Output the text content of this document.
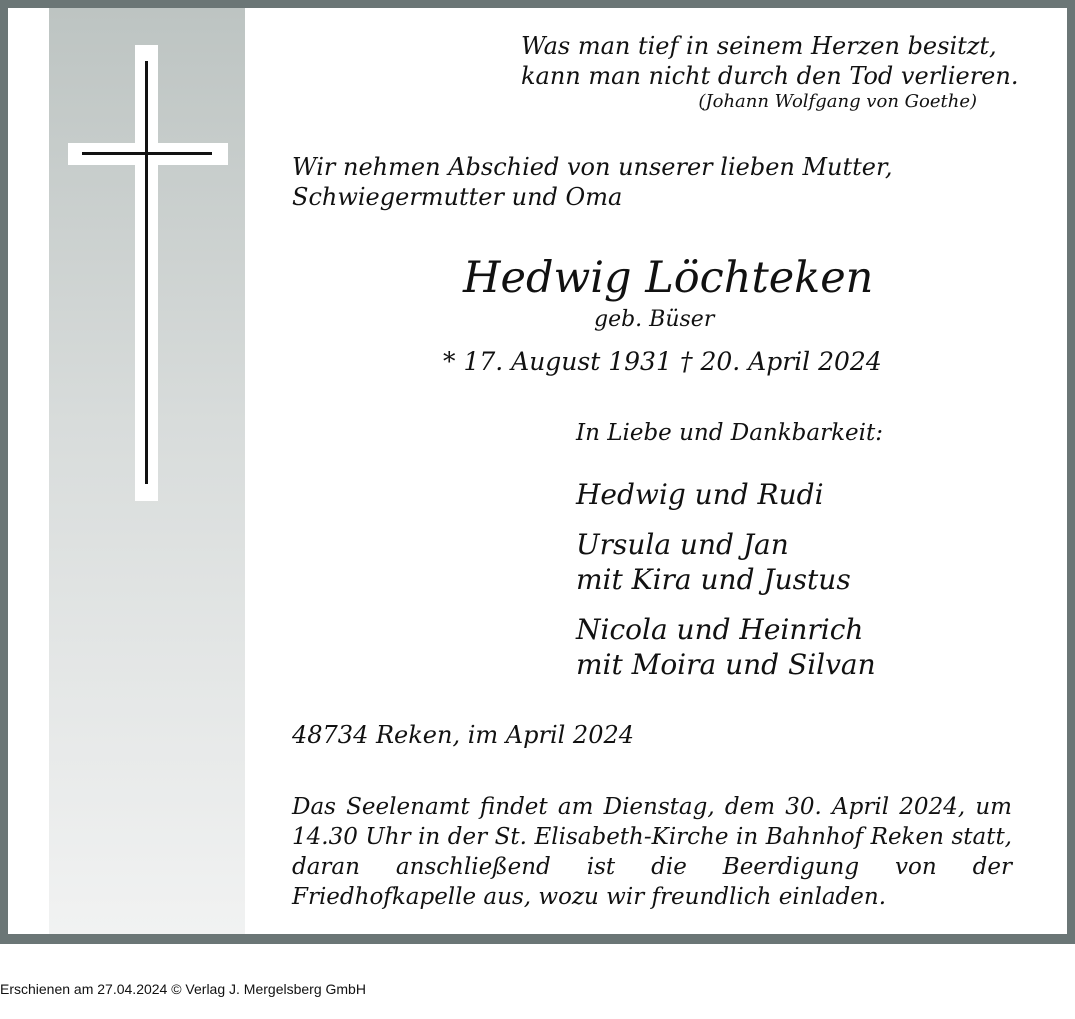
Was man tief in seinem Herzen besitzt,
kann man nicht durch den Tod verlieren.
(Johann Wolfgang von Goethe)
Wir nehmen Abschied von unserer lieben Mutter,
Schwiegermutter und Oma
Hedwig Löchteken
geb. Büser
* 17. August 1931 † 20. April 2024
In Liebe und Dankbarkeit:
Hedwig und Rudi
Ursula und Jan
mit Kira und Justus
Nicola und Heinrich
mit Moira und Silvan
48734 Reken, im April 2024
Das Seelenamt findet am Dienstag, dem 30. April 2024, um 14.30 Uhr in der St. Elisabeth-Kirche in Bahnhof Reken statt, daran anschließend ist die Beerdigung von der Friedhofkapelle aus, wozu wir freundlich einladen.
Erschienen am 27.04.2024 © Verlag J. Mergelsberg GmbH
